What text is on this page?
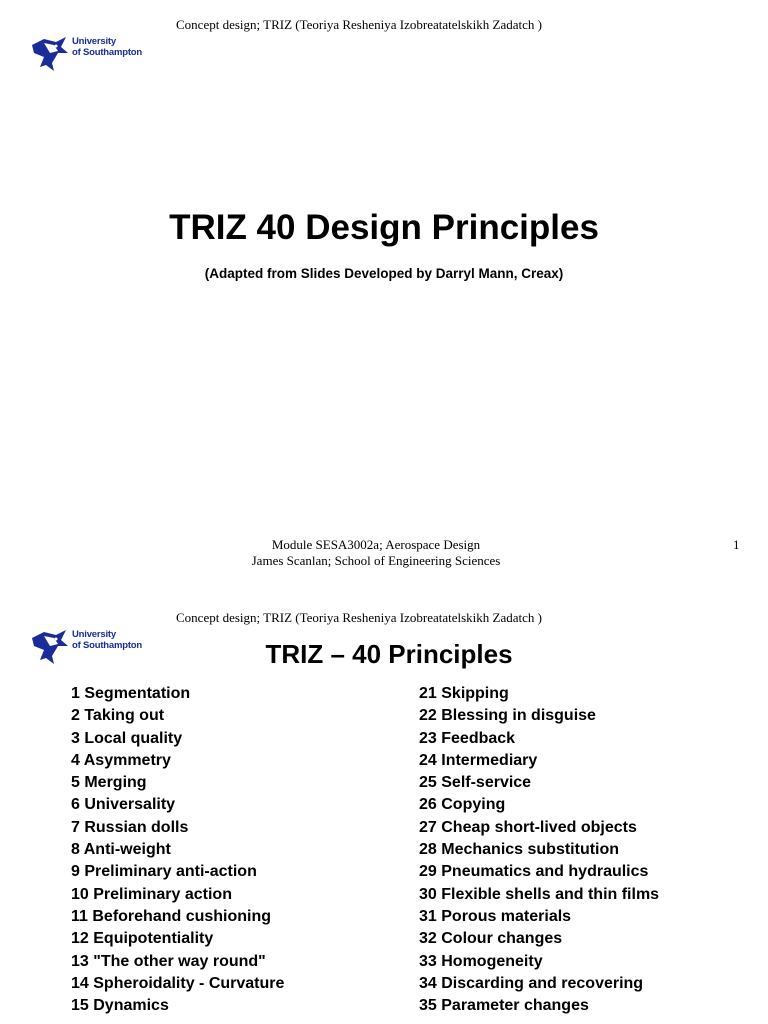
Concept design; TRIZ (Teoriya Resheniya Izobreatatelskikh Zadatch )
University
of Southampton
TRIZ 40 Design Principles
(Adapted from Slides Developed by Darryl Mann, Creax)
Module SESA3002a; Aerospace Design
James Scanlan; School of Engineering Sciences
1
Concept design; TRIZ (Teoriya Resheniya Izobreatatelskikh Zadatch )
University
of Southampton	TRIZ – 40 Principles
1 Segmentation
2 Taking out
3 Local quality
4 Asymmetry
5 Merging
6 Universality
7 Russian dolls
8 Anti-weight
9 Preliminary anti-action
10 Preliminary action
11 Beforehand cushioning
12 Equipotentiality
13 "The other way round"
14 Spheroidality - Curvature
15 Dynamics
21 Skipping
22 Blessing in disguise
23 Feedback
24 Intermediary
25 Self-service
26 Copying
27 Cheap short-lived objects
28 Mechanics substitution
29 Pneumatics and hydraulics
30 Flexible shells and thin films
31 Porous materials
32 Colour changes
33 Homogeneity
34 Discarding and recovering
35 Parameter changes
